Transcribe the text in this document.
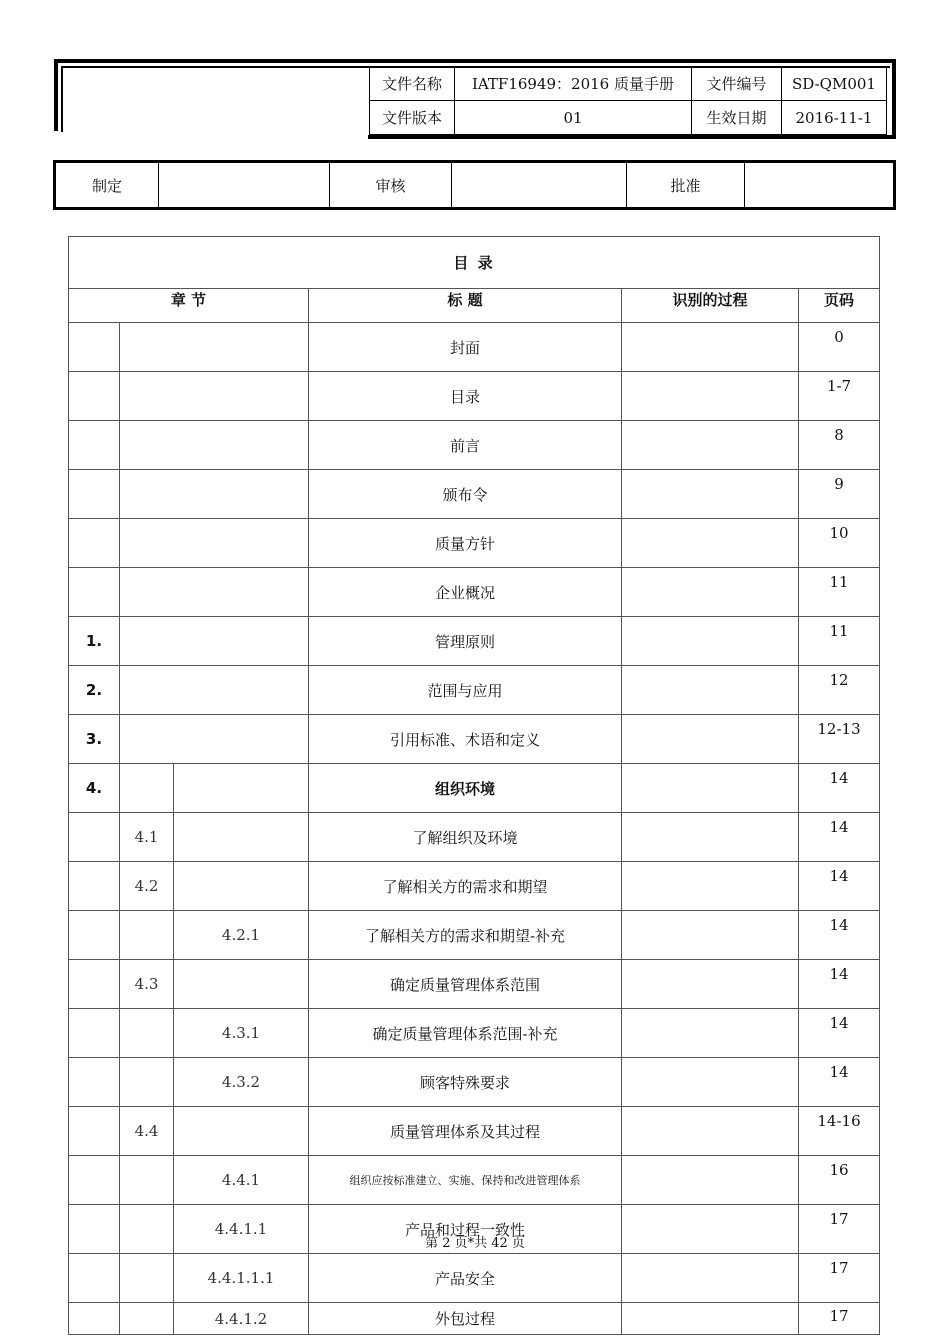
文件名称	IATF16949：2016 质量手册	文件编号	SD-QM001
文件版本	01	生效日期	2016-11-1
制定		审核		批准	
目 录					
章 节			标 题	识别的过程	页码
			封面		0
			目录		1-7
			前言		8
			颁布令		9
			质量方针		10
			企业概况		11
1.			管理原则		11
2.			范围与应用		12
3.			引用标准、术语和定义		12-13
4.			组织环境		14
	4.1		了解组织及环境		14
	4.2		了解相关方的需求和期望		14
		4.2.1	了解相关方的需求和期望-补充		14
	4.3		确定质量管理体系范围		14
		4.3.1	确定质量管理体系范围-补充		14
		4.3.2	顾客特殊要求		14
	4.4		质量管理体系及其过程		14-16
		4.4.1	组织应按标准建立、实施、保持和改进管理体系		16
		4.4.1.1	产品和过程一致性		17
		4.4.1.1.1	产品安全		17
		4.4.1.2	外包过程		17
第 2 页*共 42 页
